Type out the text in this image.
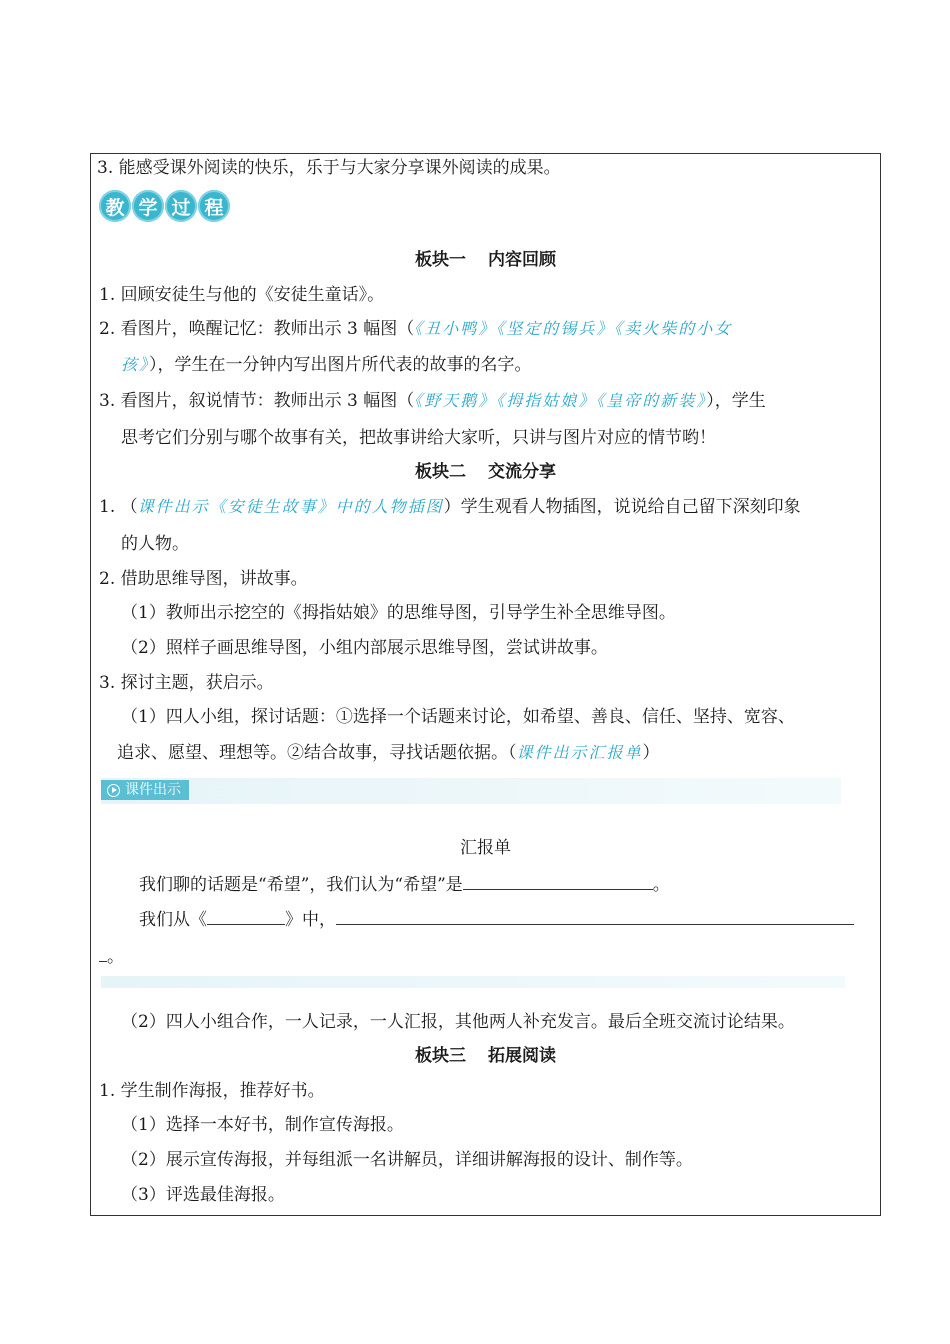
3. 能感受课外阅读的快乐，乐于与大家分享课外阅读的成果。
教 学 过 程
板块一 内容回顾
1. 回顾安徒生与他的《安徒生童话》。
2. 看图片，唤醒记忆：教师出示 3 幅图（《丑小鸭》《坚定的锡兵》《卖火柴的小女
孩》），学生在一分钟内写出图片所代表的故事的名字。
3. 看图片，叙说情节：教师出示 3 幅图（《野天鹅》《拇指姑娘》《皇帝的新装》），学生
思考它们分别与哪个故事有关，把故事讲给大家听，只讲与图片对应的情节哟！
板块二 交流分享
1. （课件出示《安徒生故事》中的人物插图）学生观看人物插图，说说给自己留下深刻印象
的人物。
2. 借助思维导图，讲故事。
（1）教师出示挖空的《拇指姑娘》的思维导图，引导学生补全思维导图。
（2）照样子画思维导图，小组内部展示思维导图，尝试讲故事。
3. 探讨主题，获启示。
（1）四人小组，探讨话题：①选择一个话题来讨论，如希望、善良、信任、坚持、宽容、
追求、愿望、理想等。②结合故事，寻找话题依据。（课件出示汇报单）
课件出示
汇报单
我们聊的话题是“希望”，我们认为“希望”是	。
我们从《	》中，
。
（2）四人小组合作，一人记录，一人汇报，其他两人补充发言。最后全班交流讨论结果。
板块三 拓展阅读
1. 学生制作海报，推荐好书。
（1）选择一本好书，制作宣传海报。
（2）展示宣传海报，并每组派一名讲解员，详细讲解海报的设计、制作等。
（3）评选最佳海报。
